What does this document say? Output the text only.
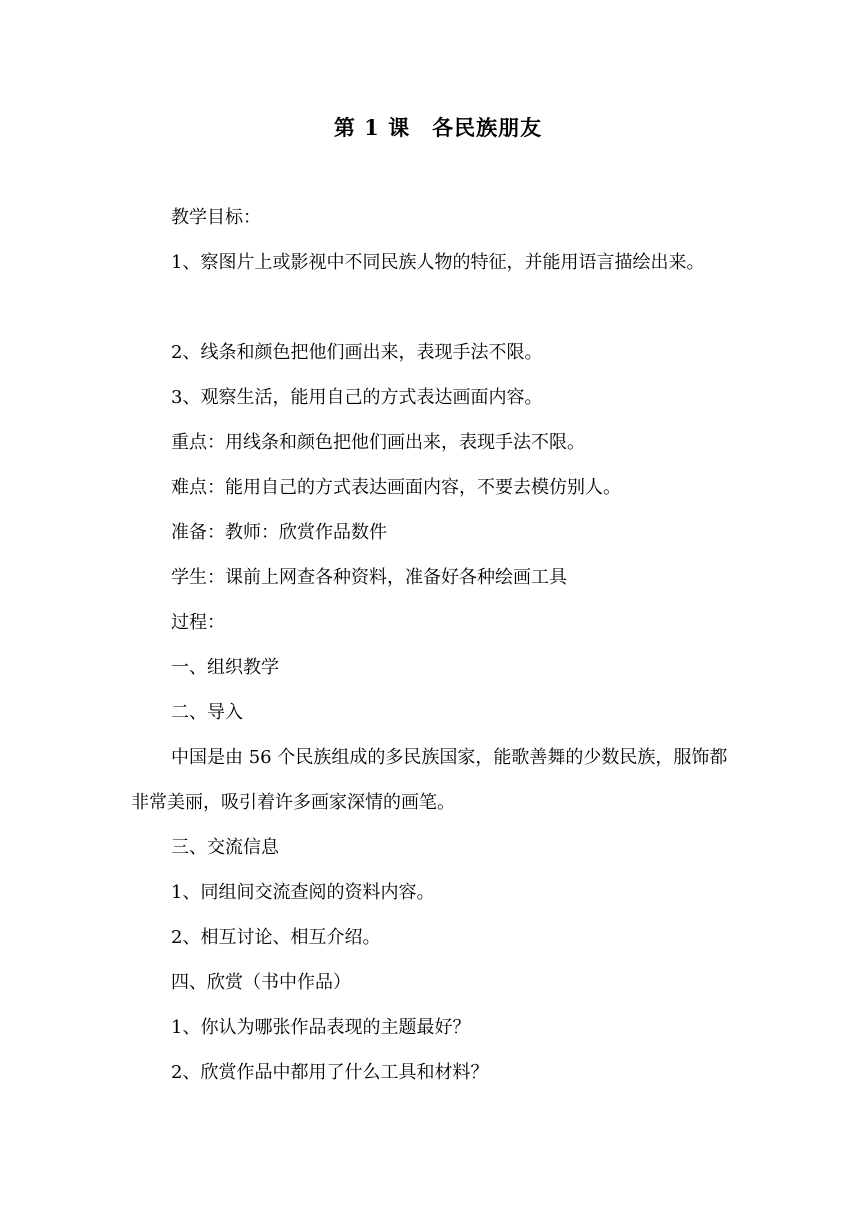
第 1 课　各民族朋友

教学目标：

1、察图片上或影视中不同民族人物的特征，并能用语言描绘出来。

2、线条和颜色把他们画出来，表现手法不限。

3、观察生活，能用自己的方式表达画面内容。

重点：用线条和颜色把他们画出来，表现手法不限。

难点：能用自己的方式表达画面内容，不要去模仿别人。

准备：教师：欣赏作品数件

学生：课前上网查各种资料，准备好各种绘画工具

过程：

一、组织教学

二、导入

中国是由 56 个民族组成的多民族国家，能歌善舞的少数民族，服饰都非常美丽，吸引着许多画家深情的画笔。

三、交流信息

1、同组间交流查阅的资料内容。

2、相互讨论、相互介绍。

四、欣赏（书中作品）

1、你认为哪张作品表现的主题最好？

2、欣赏作品中都用了什么工具和材料？
